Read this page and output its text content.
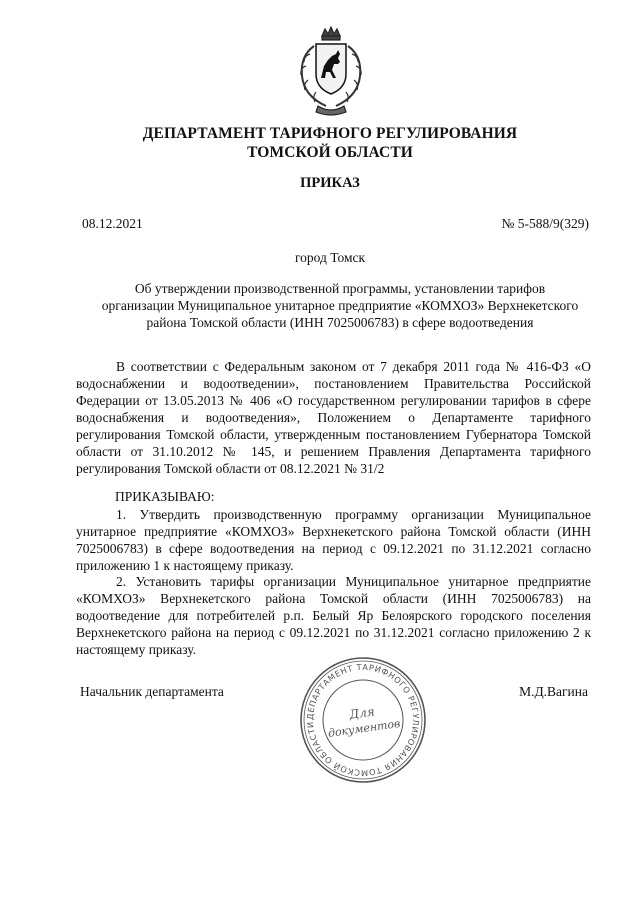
ДЕПАРТАМЕНТ ТАРИФНОГО РЕГУЛИРОВАНИЯ
ТОМСКОЙ ОБЛАСТИ
ПРИКАЗ
08.12.2021	№ 5-588/9(329)
город Томск
Об утверждении производственной программы, установлении тарифов
организации Муниципальное унитарное предприятие «КОМХОЗ» Верхнекетского
района Томской области (ИНН 7025006783) в сфере водоотведения

В соответствии с Федеральным законом от 7 декабря 2011 года № 416-ФЗ «О водоснабжении и водоотведении», постановлением Правительства Российской Федерации от 13.05.2013 № 406 «О государственном регулировании тарифов в сфере водоснабжения и водоотведения», Положением о Департаменте тарифного регулирования Томской области, утвержденным постановлением Губернатора Томской области от 31.10.2012 № 145, и решением Правления Департамента тарифного регулирования Томской области от 08.12.2021 № 31/2

ПРИКАЗЫВАЮ:

1. Утвердить производственную программу организации Муниципальное унитарное предприятие «КОМХОЗ» Верхнекетского района Томской области (ИНН 7025006783) в сфере водоотведения на период с 09.12.2021 по 31.12.2021 согласно приложению 1 к настоящему приказу.

2. Установить тарифы организации Муниципальное унитарное предприятие «КОМХОЗ» Верхнекетского района Томской области (ИНН 7025006783) на водоотведение для потребителей р.п. Белый Яр Белоярского городского поселения Верхнекетского района на период с 09.12.2021 по 31.12.2021 согласно приложению 2 к настоящему приказу.

Начальник департамента	М.Д.Вагина
ДЕПАРТАМЕНТ ТАРИФНОГО РЕГУЛИРОВАНИЯ ТОМСКОЙ ОБЛАСТИ
Для
документов
